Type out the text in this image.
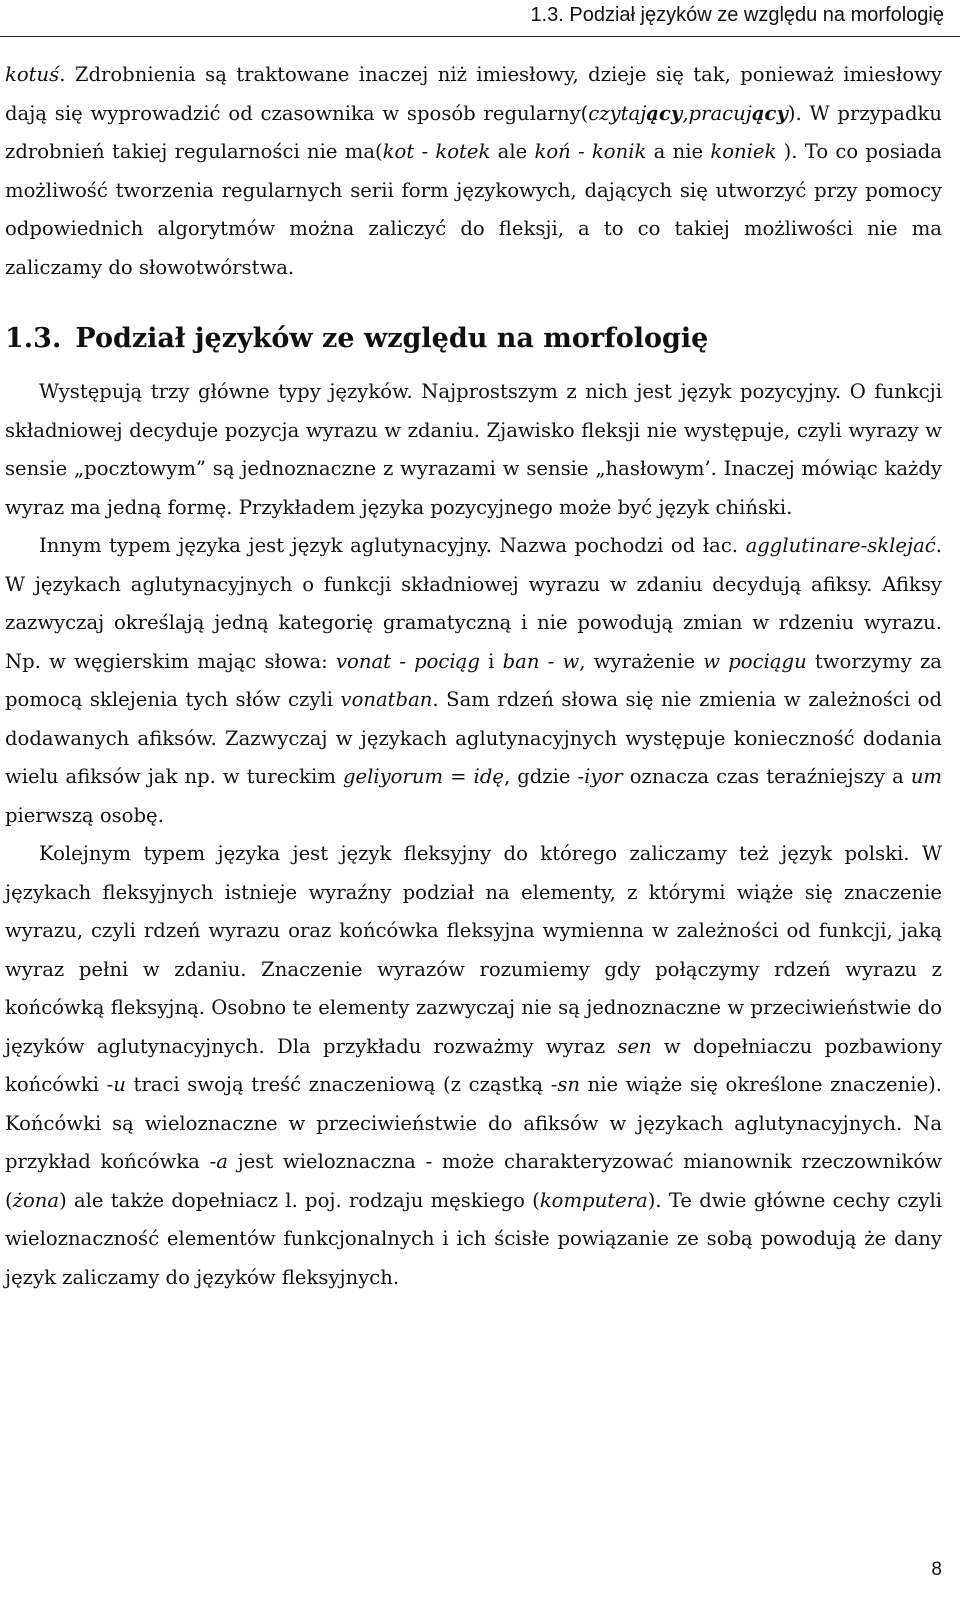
1.3. Podział języków ze względu na morfologię

kotuś. Zdrobnienia są traktowane inaczej niż imiesłowy, dzieje się tak, ponieważ imiesłowy dają się wyprowadzić od czasownika w sposób regularny(czytający,pracujący). W przypadku zdrobnień takiej regularności nie ma(kot - kotek ale koń - konik a nie koniek ). To co posiada możliwość tworzenia regularnych serii form językowych, dających się utworzyć przy pomocy odpowiednich algorytmów można zaliczyć do fleksji, a to co takiej możliwości nie ma zaliczamy do słowotwórstwa.

1.3. Podział języków ze względu na morfologię

Występują trzy główne typy języków. Najprostszym z nich jest język pozycyjny. O funkcji składniowej decyduje pozycja wyrazu w zdaniu. Zjawisko fleksji nie występuje, czyli wyrazy w sensie „pocztowym” są jednoznaczne z wyrazami w sensie „hasłowym’. Inaczej mówiąc każdy wyraz ma jedną formę. Przykładem języka pozycyjnego może być język chiński.

Innym typem języka jest język aglutynacyjny. Nazwa pochodzi od łac. agglutinare-sklejać. W językach aglutynacyjnych o funkcji składniowej wyrazu w zdaniu decydują afiksy. Afiksy zazwyczaj określają jedną kategorię gramatyczną i nie powodują zmian w rdzeniu wyrazu. Np. w węgierskim mając słowa: vonat - pociąg i ban - w, wyrażenie w pociągu tworzymy za pomocą sklejenia tych słów czyli vonatban. Sam rdzeń słowa się nie zmienia w zależności od dodawanych afiksów. Zazwyczaj w językach aglutynacyjnych występuje konieczność dodania wielu afiksów jak np. w tureckim geliyorum = idę, gdzie -iyor oznacza czas teraźniejszy a um pierwszą osobę.

Kolejnym typem języka jest język fleksyjny do którego zaliczamy też język polski. W językach fleksyjnych istnieje wyraźny podział na elementy, z którymi wiąże się znaczenie wyrazu, czyli rdzeń wyrazu oraz końcówka fleksyjna wymienna w zależności od funkcji, jaką wyraz pełni w zdaniu. Znaczenie wyrazów rozumiemy gdy połączymy rdzeń wyrazu z końcówką fleksyjną. Osobno te elementy zazwyczaj nie są jednoznaczne w przeciwieństwie do języków aglutynacyjnych. Dla przykładu rozważmy wyraz sen w dopełniaczu pozbawiony końcówki -u traci swoją treść znaczeniową (z cząstką -sn nie wiąże się określone znaczenie). Końcówki są wieloznaczne w przeciwieństwie do afiksów w językach aglutynacyjnych. Na przykład końcówka -a jest wieloznaczna - może charakteryzować mianownik rzeczowników (żona) ale także dopełniacz l. poj. rodzaju męskiego (komputera). Te dwie główne cechy czyli wieloznaczność elementów funkcjonalnych i ich ścisłe powiązanie ze sobą powodują że dany język zaliczamy do języków fleksyjnych.

8
